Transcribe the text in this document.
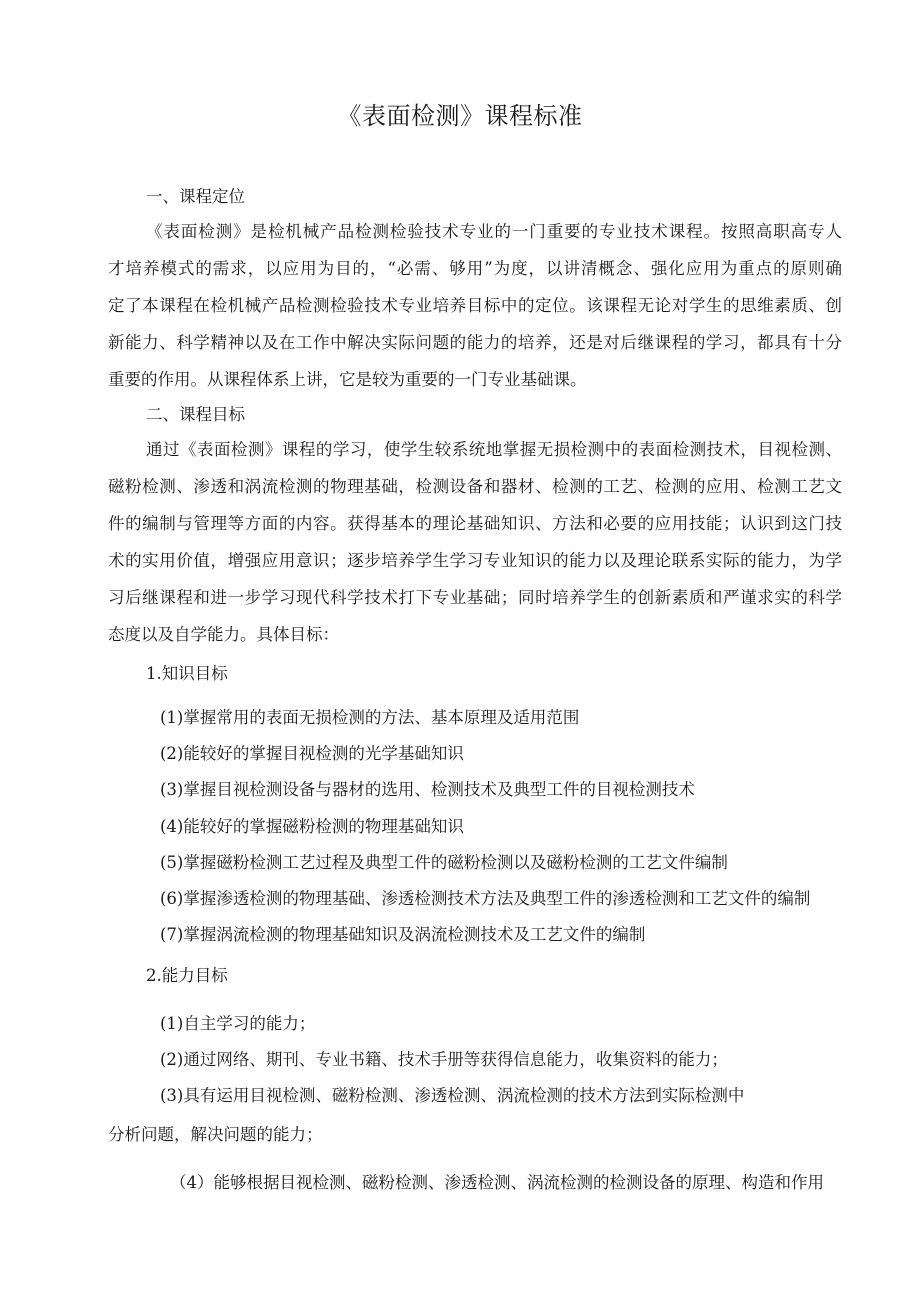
《表面检测》课程标准
一、课程定位
《表面检测》是检机械产品检测检验技术专业的一门重要的专业技术课程。按照高职高专人
才培养模式的需求，以应用为目的，“必需、够用”为度，以讲清概念、强化应用为重点的原则确
定了本课程在检机械产品检测检验技术专业培养目标中的定位。该课程无论对学生的思维素质、创
新能力、科学精神以及在工作中解决实际问题的能力的培养，还是对后继课程的学习，都具有十分
重要的作用。从课程体系上讲，它是较为重要的一门专业基础课。
二、课程目标
通过《表面检测》课程的学习，使学生较系统地掌握无损检测中的表面检测技术，目视检测、
磁粉检测、渗透和涡流检测的物理基础，检测设备和器材、检测的工艺、检测的应用、检测工艺文
件的编制与管理等方面的内容。获得基本的理论基础知识、方法和必要的应用技能；认识到这门技
术的实用价值，增强应用意识；逐步培养学生学习专业知识的能力以及理论联系实际的能力，为学
习后继课程和进一步学习现代科学技术打下专业基础；同时培养学生的创新素质和严谨求实的科学
态度以及自学能力。具体目标：
1.知识目标
(1)掌握常用的表面无损检测的方法、基本原理及适用范围
(2)能较好的掌握目视检测的光学基础知识
(3)掌握目视检测设备与器材的选用、检测技术及典型工件的目视检测技术
(4)能较好的掌握磁粉检测的物理基础知识
(5)掌握磁粉检测工艺过程及典型工件的磁粉检测以及磁粉检测的工艺文件编制
(6)掌握渗透检测的物理基础、渗透检测技术方法及典型工件的渗透检测和工艺文件的编制
(7)掌握涡流检测的物理基础知识及涡流检测技术及工艺文件的编制
2.能力目标
(1)自主学习的能力；
(2)通过网络、期刊、专业书籍、技术手册等获得信息能力，收集资料的能力；
(3)具有运用目视检测、磁粉检测、渗透检测、涡流检测的技术方法到实际检测中
分析问题，解决问题的能力；
（4）能够根据目视检测、磁粉检测、渗透检测、涡流检测的检测设备的原理、构造和作用
